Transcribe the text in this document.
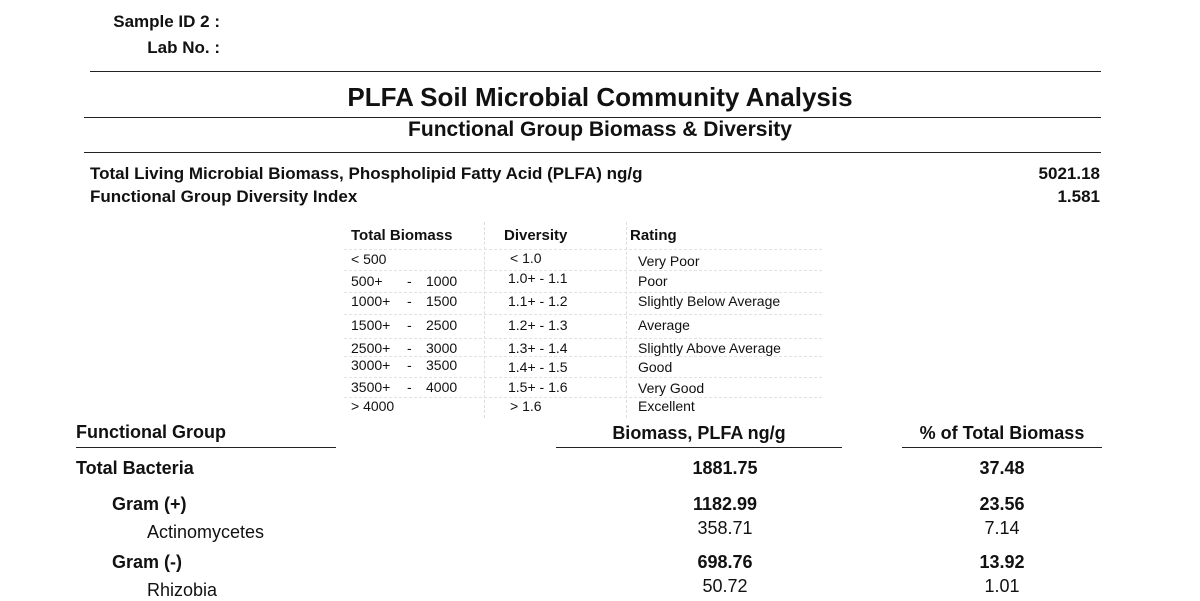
Sample ID 2 :
Lab No. :
PLFA Soil Microbial Community Analysis
Functional Group Biomass & Diversity
Total Living Microbial Biomass, Phospholipid Fatty Acid (PLFA) ng/g	5021.18
Functional Group Diversity Index	1.581
Total Biomass	Diversity	Rating
< 500	< 1.0	Very Poor
500+ - 1000	1.0+ - 1.1	Poor
1000+ - 1500	1.1+ - 1.2	Slightly Below Average
1500+ - 2500	1.2+ - 1.3	Average
2500+ - 3000	1.3+ - 1.4	Slightly Above Average
3000+ - 3500	1.4+ - 1.5	Good
3500+ - 4000	1.5+ - 1.6	Very Good
> 4000	> 1.6	Excellent
Functional Group	Biomass, PLFA ng/g	% of Total Biomass
Total Bacteria	1881.75	37.48
Gram (+)	1182.99	23.56
Actinomycetes	358.71	7.14
Gram (-)	698.76	13.92
Rhizobia	50.72	1.01
